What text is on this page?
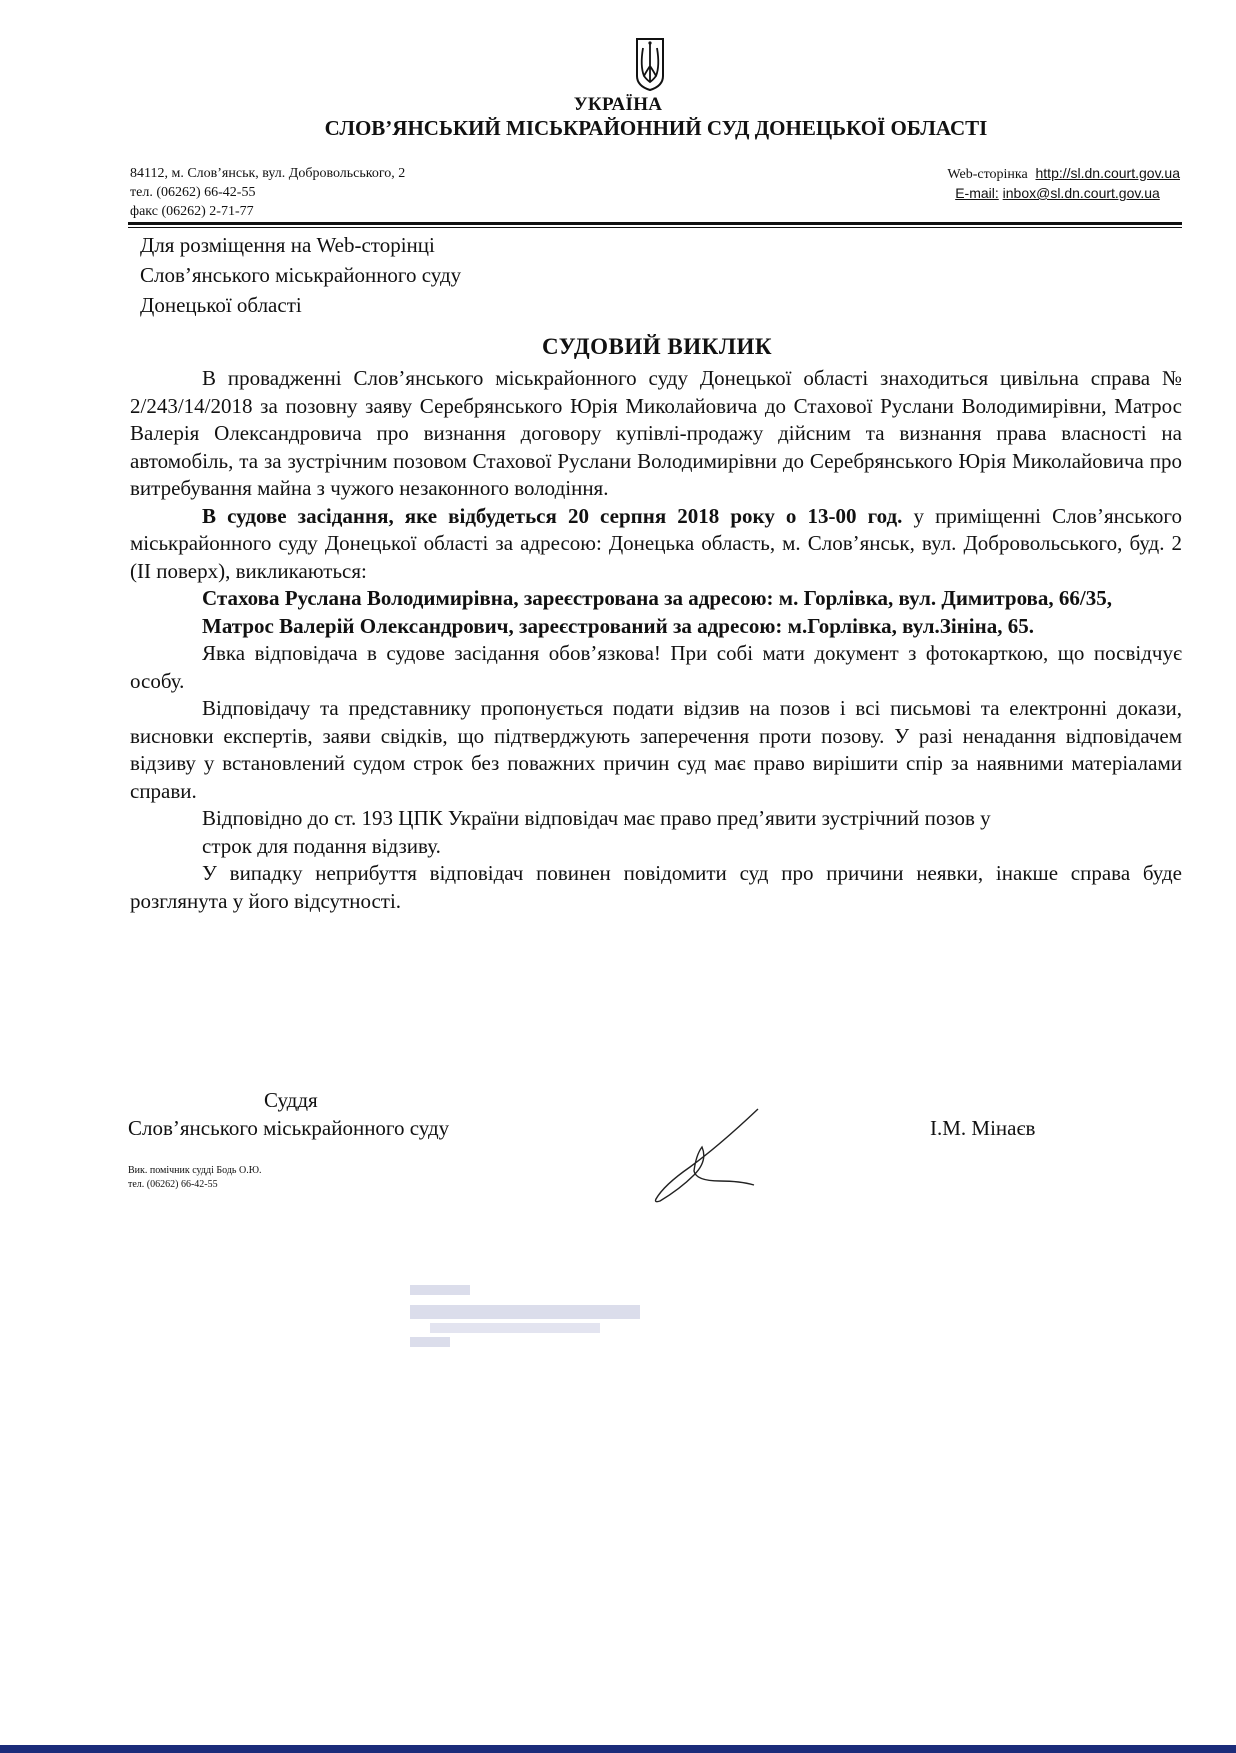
УКРАЇНА
СЛОВ’ЯНСЬКИЙ МІСЬКРАЙОННИЙ СУД ДОНЕЦЬКОЇ ОБЛАСТІ
84112, м. Слов’янськ, вул. Добровольського, 2
тел. (06262) 66-42-55
факс (06262) 2-71-77
Web-сторінка http://sl.dn.court.gov.ua
E-mail: inbox@sl.dn.court.gov.ua
Для розміщення на Web-сторінці
Слов’янського міськрайонного суду
Донецької області
СУДОВИЙ ВИКЛИК

В провадженні Слов’янського міськрайонного суду Донецької області знаходиться цивільна справа № 2/243/14/2018 за позовну заяву Серебрянського Юрія Миколайовича до Стахової Руслани Володимирівни, Матрос Валерія Олександровича про визнання договору купівлі-продажу дійсним та визнання права власності на автомобіль, та за зустрічним позовом Стахової Руслани Володимирівни до Серебрянського Юрія Миколайовича про витребування майна з чужого незаконного володіння.

В судове засідання, яке відбудеться 20 серпня 2018 року о 13-00 год. у приміщенні Слов’янського міськрайонного суду Донецької області за адресою: Донецька область, м. Слов’янськ, вул. Добровольського, буд. 2 (ІІ поверх), викликаються:

Стахова Руслана Володимирівна, зареєстрована за адресою: м. Горлівка, вул. Димитрова, 66/35,

Матрос Валерій Олександрович, зареєстрований за адресою: м.Горлівка, вул.Зініна, 65.

Явка відповідача в судове засідання обов’язкова! При собі мати документ з фотокарткою, що посвідчує особу.

Відповідачу та представнику пропонується подати відзив на позов і всі письмові та електронні докази, висновки експертів, заяви свідків, що підтверджують заперечення проти позову. У разі ненадання відповідачем відзиву у встановлений судом строк без поважних причин суд має право вирішити спір за наявними матеріалами справи.

Відповідно до ст. 193 ЦПК України відповідач має право пред’явити зустрічний позов у

строк для подання відзиву.

У випадку неприбуття відповідач повинен повідомити суд про причини неявки, інакше справа буде розглянута у його відсутності.

Суддя
Слов’янського міськрайонного суду	І.М. Мінаєв
Вик. помічник судді Бодь О.Ю.
тел. (06262) 66-42-55
